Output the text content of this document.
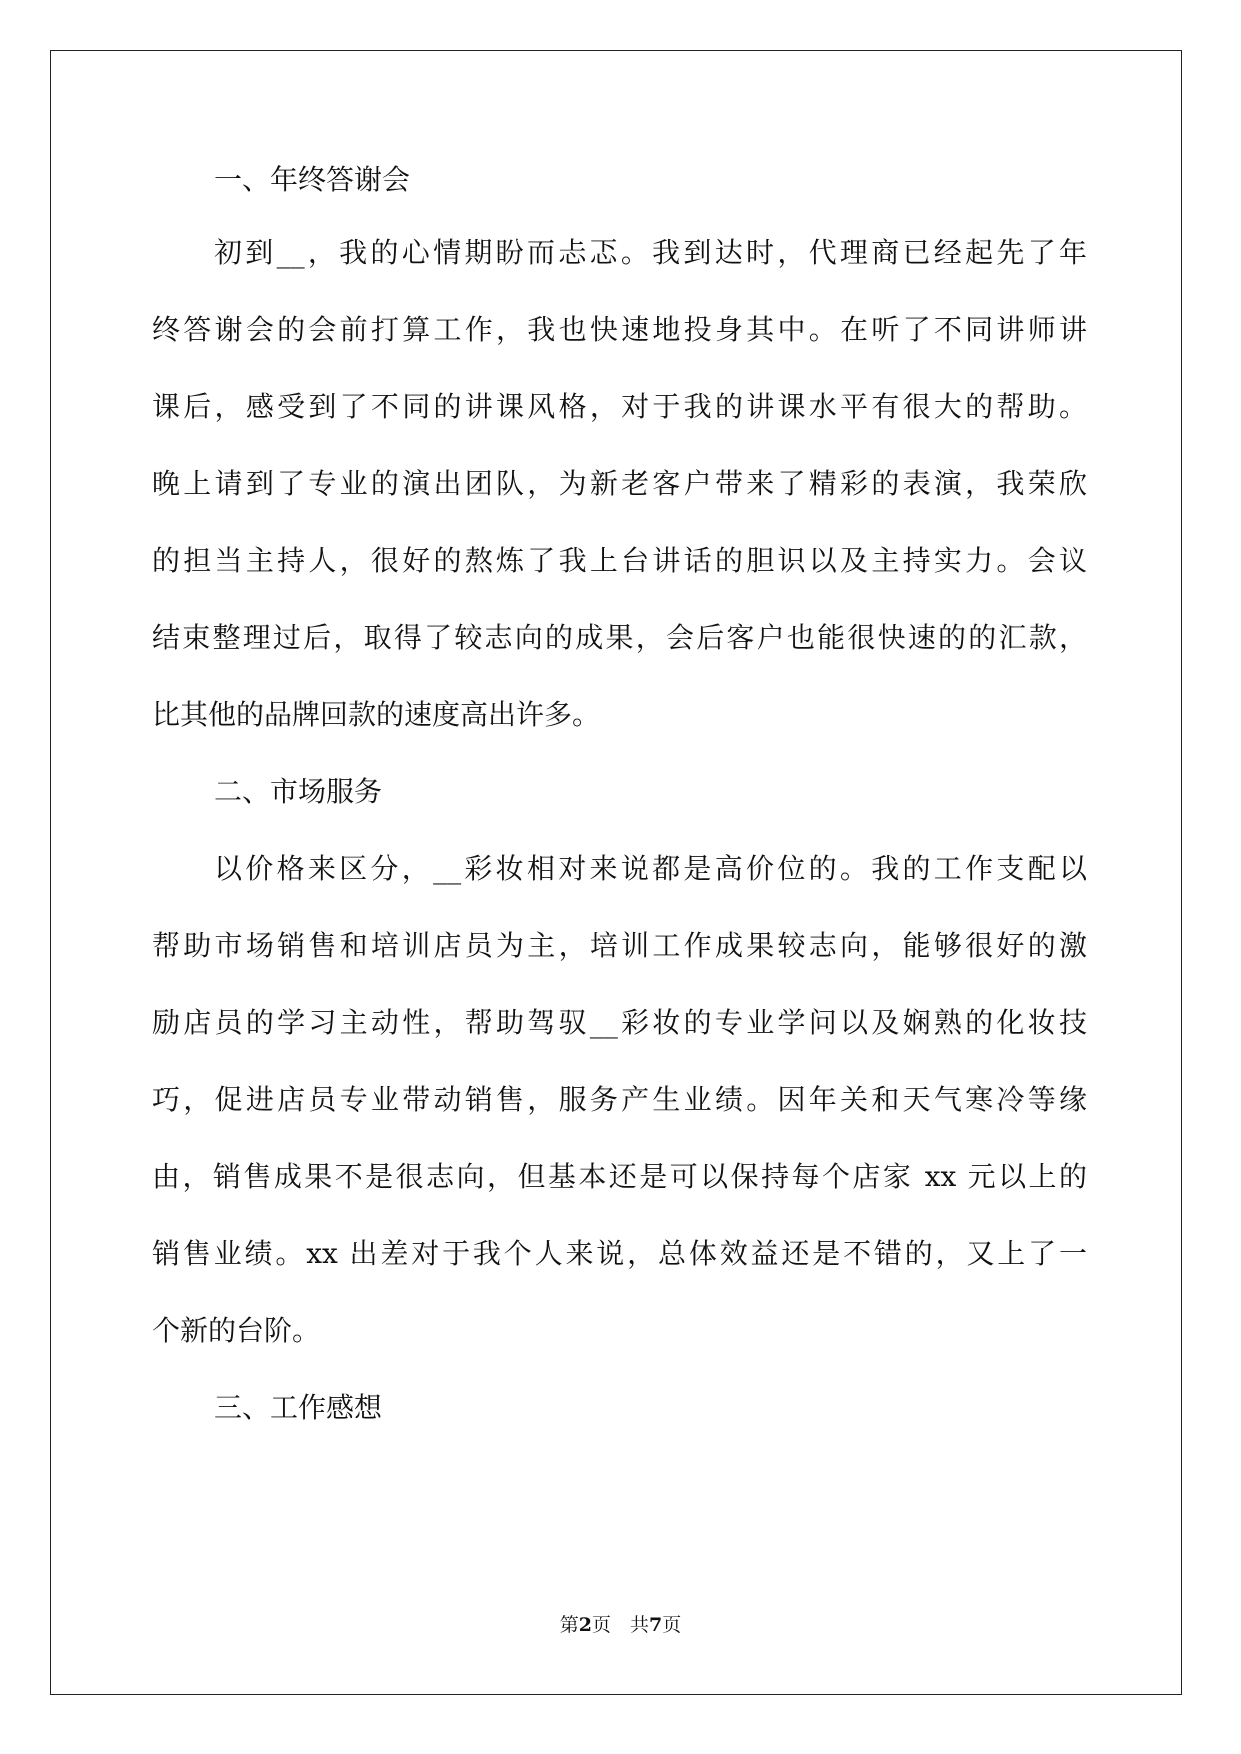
一、年终答谢会
初到__，我的心情期盼而忐忑。我到达时，代理商已经起先了年
终答谢会的会前打算工作，我也快速地投身其中。在听了不同讲师讲
课后，感受到了不同的讲课风格，对于我的讲课水平有很大的帮助。
晚上请到了专业的演出团队，为新老客户带来了精彩的表演，我荣欣
的担当主持人，很好的熬炼了我上台讲话的胆识以及主持实力。会议
结束整理过后，取得了较志向的成果，会后客户也能很快速的的汇款，
比其他的品牌回款的速度高出许多。
二、市场服务
以价格来区分，__彩妆相对来说都是高价位的。我的工作支配以
帮助市场销售和培训店员为主，培训工作成果较志向，能够很好的激
励店员的学习主动性，帮助驾驭__彩妆的专业学问以及娴熟的化妆技
巧，促进店员专业带动销售，服务产生业绩。因年关和天气寒冷等缘
由，销售成果不是很志向，但基本还是可以保持每个店家 xx 元以上的
销售业绩。xx 出差对于我个人来说，总体效益还是不错的，又上了一
个新的台阶。
三、工作感想
第2页　共7页
